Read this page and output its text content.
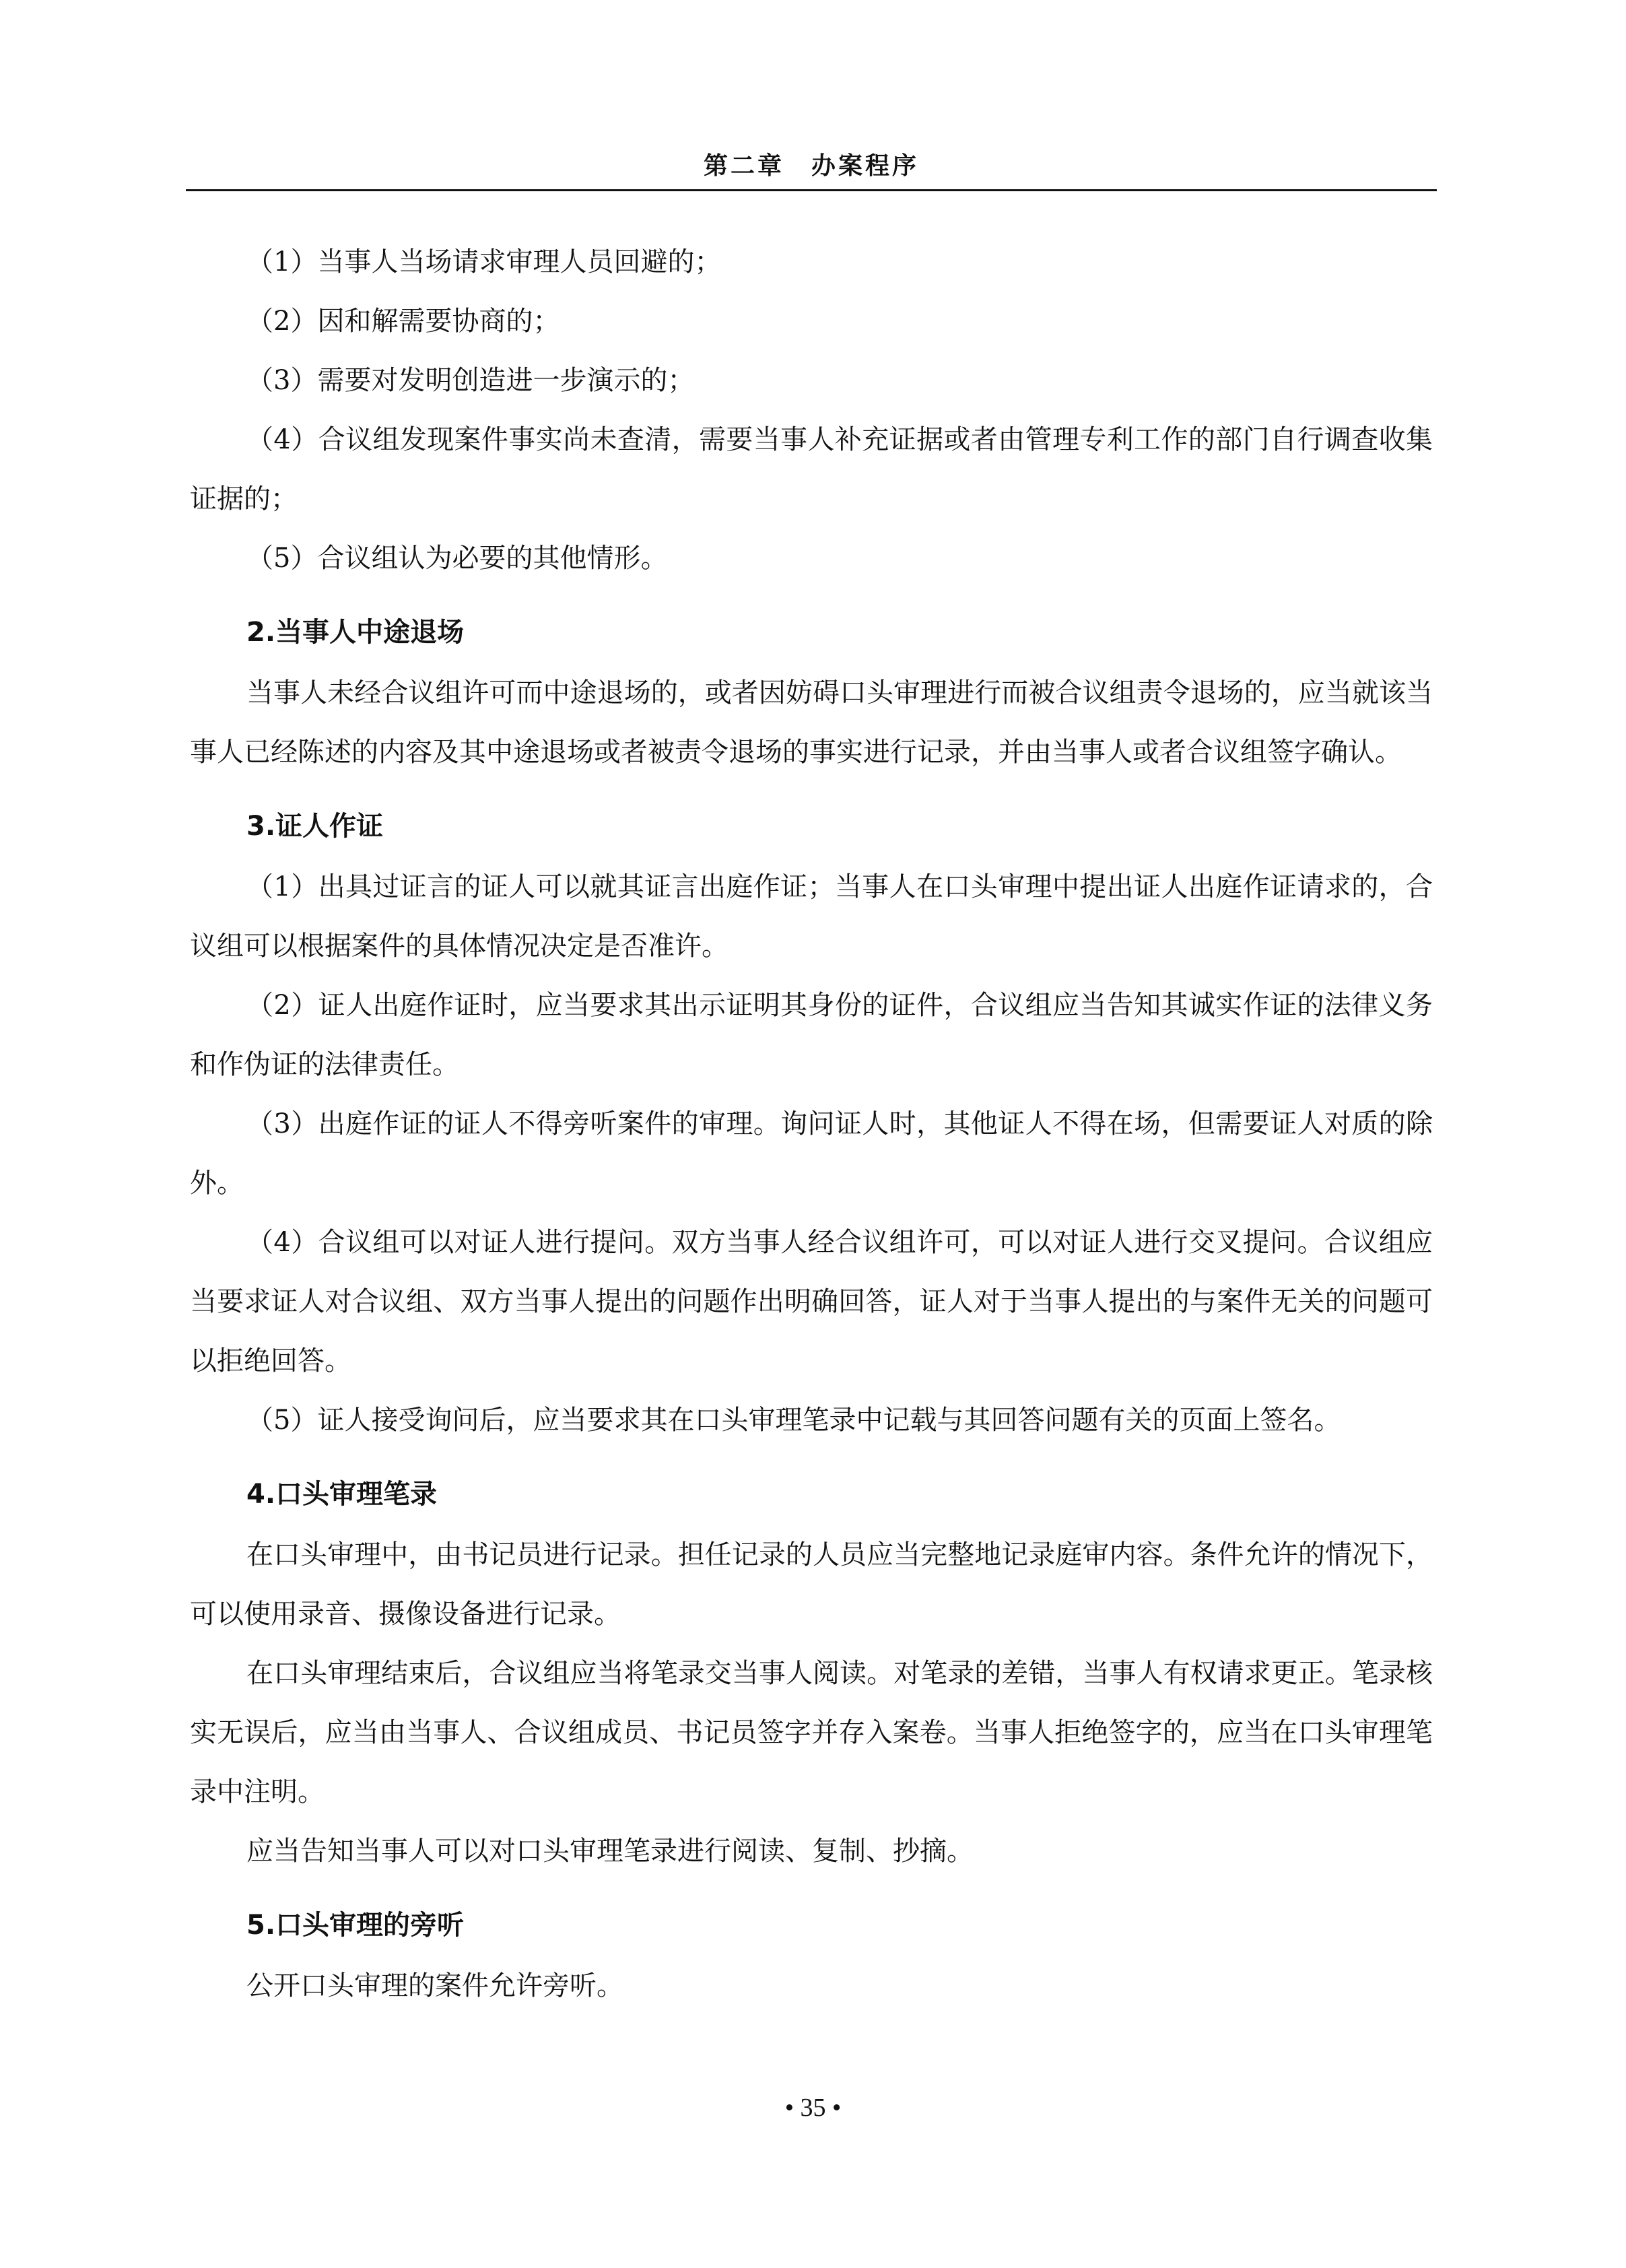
第二章　办案程序

（1）当事人当场请求审理人员回避的；

（2）因和解需要协商的；

（3）需要对发明创造进一步演示的；

（4）合议组发现案件事实尚未查清，需要当事人补充证据或者由管理专利工作的部门自行调查收集证据的；

（5）合议组认为必要的其他情形。

2.当事人中途退场

当事人未经合议组许可而中途退场的，或者因妨碍口头审理进行而被合议组责令退场的，应当就该当事人已经陈述的内容及其中途退场或者被责令退场的事实进行记录，并由当事人或者合议组签字确认。

3.证人作证

（1）出具过证言的证人可以就其证言出庭作证；当事人在口头审理中提出证人出庭作证请求的，合议组可以根据案件的具体情况决定是否准许。

（2）证人出庭作证时，应当要求其出示证明其身份的证件，合议组应当告知其诚实作证的法律义务和作伪证的法律责任。

（3）出庭作证的证人不得旁听案件的审理。询问证人时，其他证人不得在场，但需要证人对质的除外。

（4）合议组可以对证人进行提问。双方当事人经合议组许可，可以对证人进行交叉提问。合议组应当要求证人对合议组、双方当事人提出的问题作出明确回答，证人对于当事人提出的与案件无关的问题可以拒绝回答。

（5）证人接受询问后，应当要求其在口头审理笔录中记载与其回答问题有关的页面上签名。

4.口头审理笔录

在口头审理中，由书记员进行记录。担任记录的人员应当完整地记录庭审内容。条件允许的情况下，可以使用录音、摄像设备进行记录。

在口头审理结束后，合议组应当将笔录交当事人阅读。对笔录的差错，当事人有权请求更正。笔录核实无误后，应当由当事人、合议组成员、书记员签字并存入案卷。当事人拒绝签字的，应当在口头审理笔录中注明。

应当告知当事人可以对口头审理笔录进行阅读、复制、抄摘。

5.口头审理的旁听

公开口头审理的案件允许旁听。

• 35 •
